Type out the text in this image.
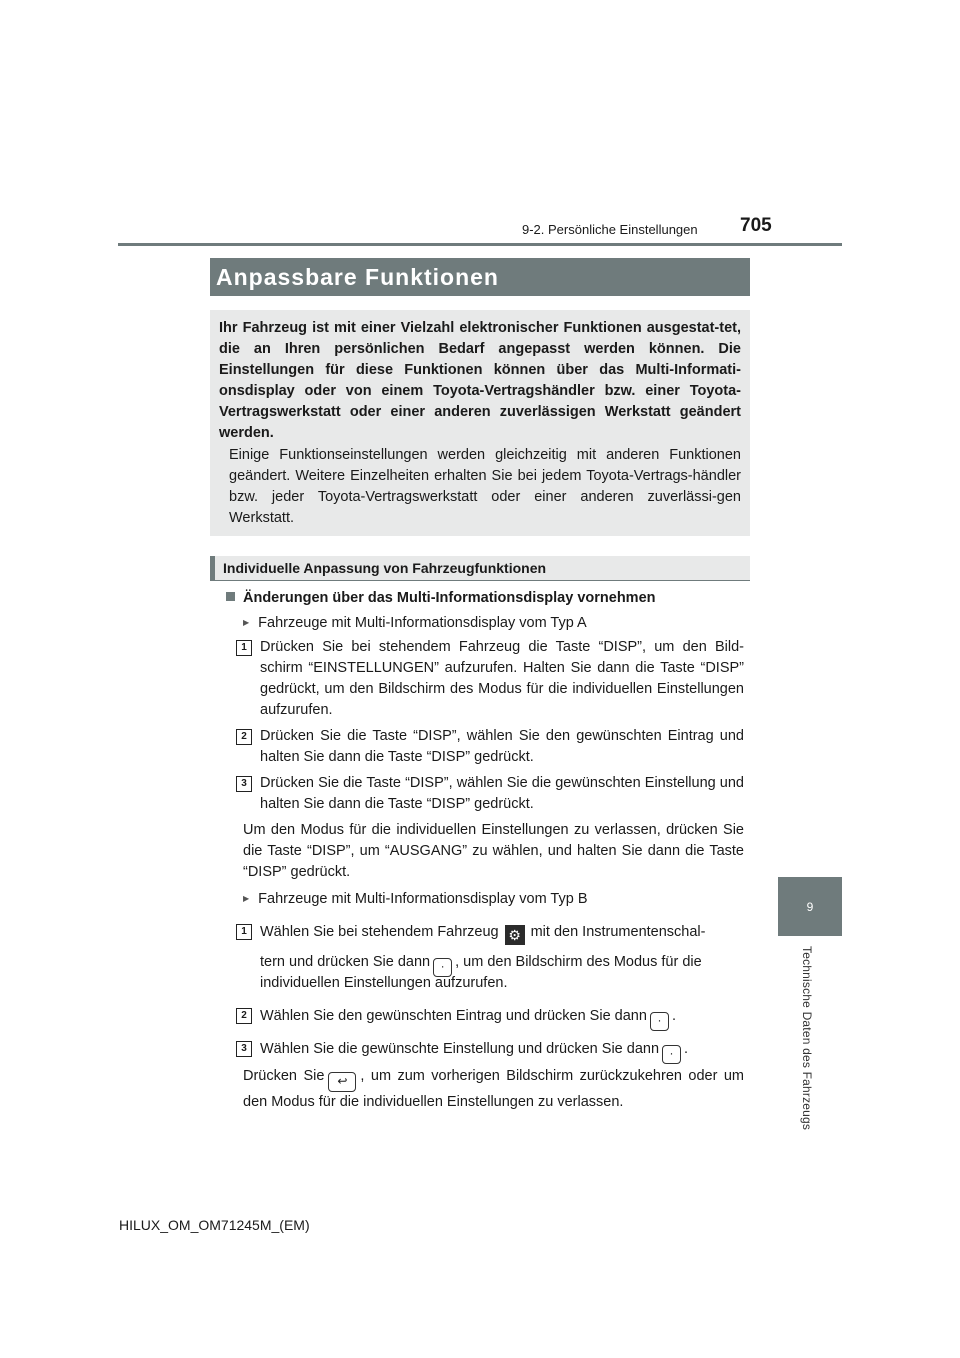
9-2. Persönliche Einstellungen 705
9
Technische Daten des Fahrzeugs
Anpassbare Funktionen
Ihr Fahrzeug ist mit einer Vielzahl elektronischer Funktionen ausgestat-tet, die an Ihren persönlichen Bedarf angepasst werden können. Die Einstellungen für diese Funktionen können über das Multi-Informati-onsdisplay oder von einem Toyota-Vertragshändler bzw. einer Toyota-Vertragswerkstatt oder einer anderen zuverlässigen Werkstatt geändert werden.
Einige Funktionseinstellungen werden gleichzeitig mit anderen Funktionen geändert. Weitere Einzelheiten erhalten Sie bei jedem Toyota-Vertrags-händler bzw. jeder Toyota-Vertragswerkstatt oder einer anderen zuverlässi-gen Werkstatt.
Individuelle Anpassung von Fahrzeugfunktionen
Änderungen über das Multi-Informationsdisplay vornehmen
▶ Fahrzeuge mit Multi-Informationsdisplay vom Typ A
1 Drücken Sie bei stehendem Fahrzeug die Taste “DISP”, um den Bild-schirm “EINSTELLUNGEN” aufzurufen. Halten Sie dann die Taste “DISP” gedrückt, um den Bildschirm des Modus für die individuellen Einstellungen aufzurufen.
2 Drücken Sie die Taste “DISP”, wählen Sie den gewünschten Eintrag und halten Sie dann die Taste “DISP” gedrückt.
3 Drücken Sie die Taste “DISP”, wählen Sie die gewünschten Einstellung und halten Sie dann die Taste “DISP” gedrückt.
Um den Modus für die individuellen Einstellungen zu verlassen, drücken Sie die Taste “DISP”, um “AUSGANG” zu wählen, und halten Sie dann die Taste “DISP” gedrückt.
▶ Fahrzeuge mit Multi-Informationsdisplay vom Typ B
1 Wählen Sie bei stehendem Fahrzeug ⚙ mit den Instrumentenschal-
tern und drücken Sie dann · , um den Bildschirm des Modus für die
individuellen Einstellungen aufzurufen.
2 Wählen Sie den gewünschten Eintrag und drücken Sie dann · .
3 Wählen Sie die gewünschte Einstellung und drücken Sie dann · .
Drücken Sie ↩ , um zum vorherigen Bildschirm zurückzukehren oder um den Modus für die individuellen Einstellungen zu verlassen.
HILUX_OM_OM71245M_(EM)
